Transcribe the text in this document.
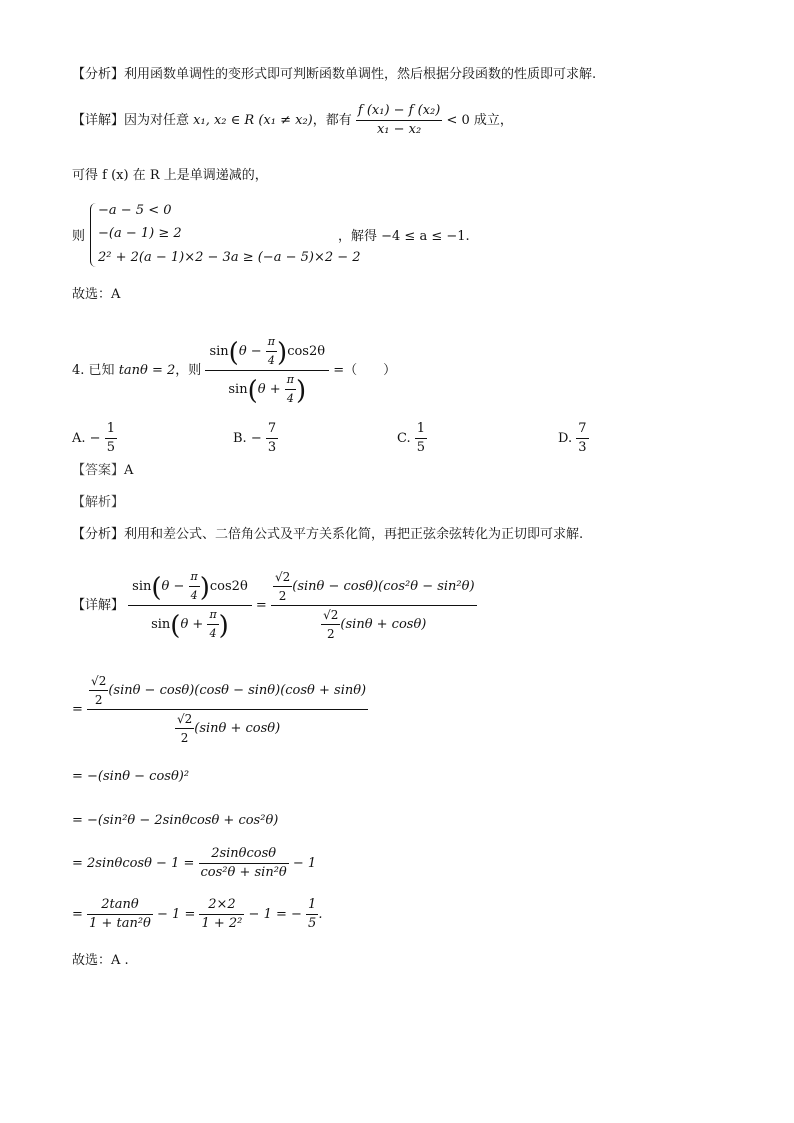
【分析】利用函数单调性的变形式即可判断函数单调性，然后根据分段函数的性质即可求解.
【详解】因为对任意 x₁, x₂ ∈ R (x₁ ≠ x₂)，都有 $\frac{\text{f (x₁) − f (x₂)}}{\text{x₁ − x₂}} < 0$ 成立，
可得 f (x) 在 R 上是单调递减的，
则
−a − 5 < 0
−(a − 1) ≥ 2
2² + 2(a − 1)×2 − 3a ≥ (−a − 5)×2 − 2
，解得 −4 ≤ a ≤ −1.
故选：A
4. 已知 tanθ = 2，则 $\frac{\sin(\theta - \frac{\pi}{4} )\cos 2\theta}{\sin(\theta + \frac{\pi}{4} )}$ =（　　）
A. − $\frac{1}{5}$	B. − $\frac{7}{3}$	C. $\frac{1}{5}$	D. $\frac{7}{3}$
【答案】A
【解析】
【分析】利用和差公式、二倍角公式及平方关系化简，再把正弦余弦转化为正切即可求解.
【详解】 $\frac{\sin(\theta - \frac{\pi}{4} )\cos 2\theta}{\sin(\theta + \frac{\pi}{4} )} = \frac{\frac{√2}{2} (\sin\theta - \cos\theta)(\cos^2\theta - \sin^2\theta)}{\frac{√2}{2} (\sin\theta + \cos\theta)}$
= $\frac{\frac{√2}{2} (\sin\theta - \cos\theta)(\cos\theta - \sin\theta)(\cos\theta + \sin\theta)}{\frac{√2}{2} (\sin\theta + \cos\theta)}$
= −(sinθ − cosθ)²
= −(sin²θ − 2sinθcosθ + cos²θ)
= $2\sin\theta\cos\theta - 1 = \frac{2\sin\theta\cos\theta}{\text{cos²θ + sin²θ}} - 1$
= $\frac{2\tan\theta}{\text{1 + tan²θ}} - 1 = \frac{2\times 2}{\text{1 + 2²}} - 1$ = − $\frac{1}{5}$ .
故选：A .
